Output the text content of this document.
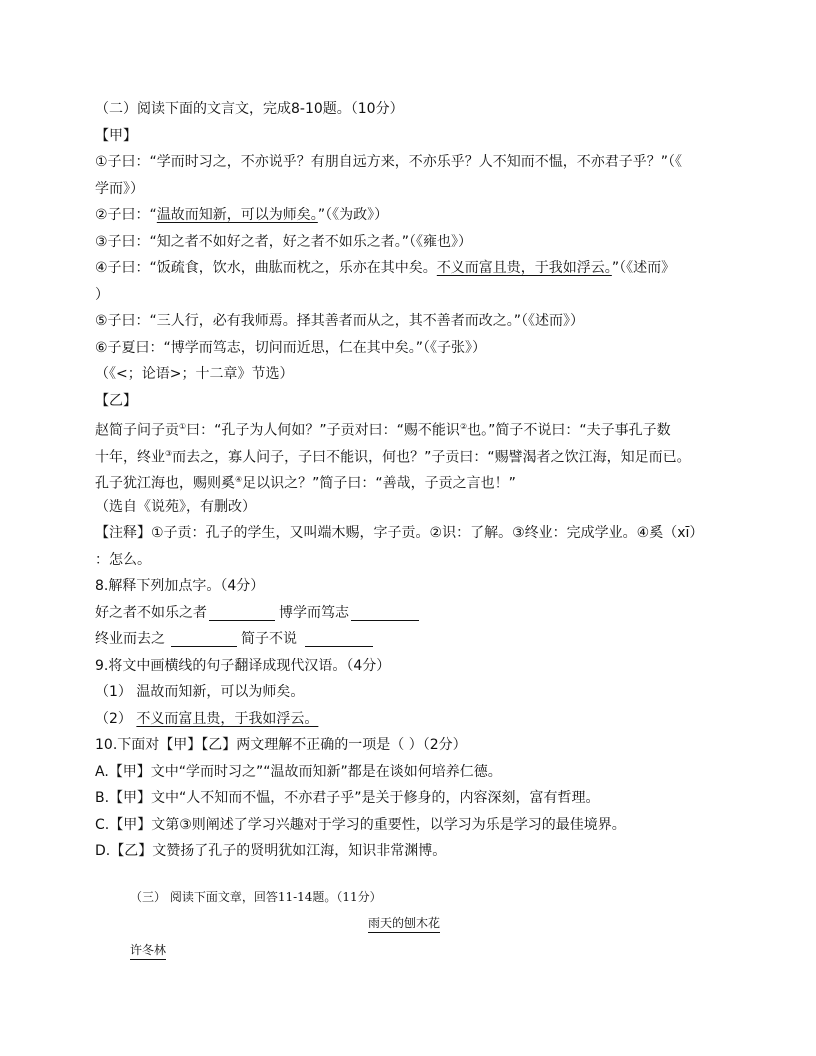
（二）阅读下面的文言文，完成8-10题。（10分）
【甲】
①子曰：“学而时习之，不亦说乎？有朋自远方来，不亦乐乎？人不知而不愠，不亦君子乎？”（《
学而》）
②子曰：“温故而知新，可以为师矣。”（《为政》）
③子曰：“知之者不如好之者，好之者不如乐之者。”（《雍也》）
④子曰：“饭疏食，饮水，曲肱而枕之，乐亦在其中矣。不义而富且贵，于我如浮云。”（《述而》
）
⑤子曰：“三人行，必有我师焉。择其善者而从之，其不善者而改之。”（《述而》）
⑥子夏曰：“博学而笃志，切问而近思，仁在其中矣。”（《子张》）
（《<；论语>；十二章》节选）
【乙】
赵简子问子贡①曰：“孔子为人何如？”子贡对曰：“赐不能识②也。”简子不说曰：“夫子事孔子数
十年，终业③而去之，寡人问子，子曰不能识，何也？”子贡曰：“赐譬渴者之饮江海，知足而已。
孔子犹江海也，赐则奚④足以识之？”简子曰：“善哉，子贡之言也！”
（选自《说苑》，有删改）
【注释】①子贡：孔子的学生，又叫端木赐，字子贡。②识：了解。③终业：完成学业。④奚（xī）
：怎么。
8.解释下列加点字。（4分）
好之者不如乐之者	博学而笃志
终业而去之	简子不说
9.将文中画横线的句子翻译成现代汉语。（4分）
（1） 温故而知新，可以为师矣。
（2） 不义而富且贵，于我如浮云。
10.下面对【甲】【乙】两文理解不正确的一项是（ ）（2分）
A.【甲】文中“学而时习之”“温故而知新”都是在谈如何培养仁德。
B.【甲】文中“人不知而不愠，不亦君子乎”是关于修身的，内容深刻，富有哲理。
C.【甲】文第③则阐述了学习兴趣对于学习的重要性，以学习为乐是学习的最佳境界。
D.【乙】文赞扬了孔子的贤明犹如江海，知识非常渊博。
（三） 阅读下面文章，回答11-14题。（11分）
雨天的刨木花
许冬林
